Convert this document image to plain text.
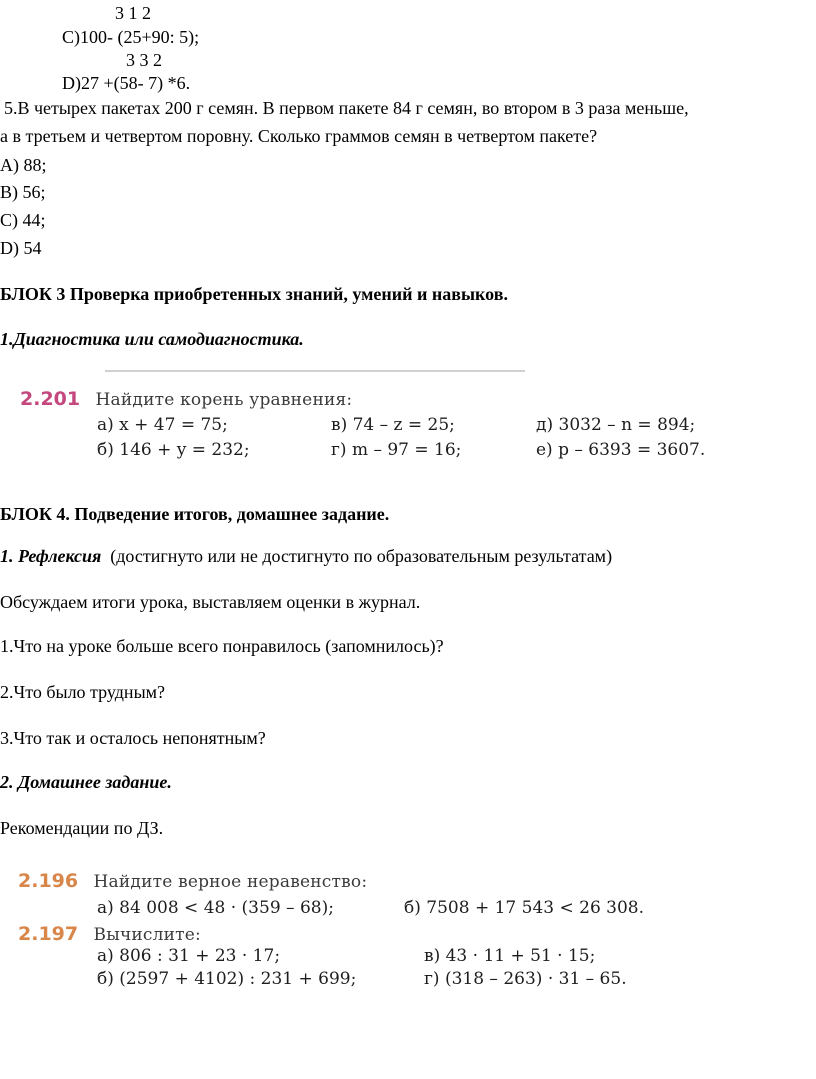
3 1 2
C)100- (25+90: 5);
3 3 2
D)27 +(58- 7) *6.
5.В четырех пакетах 200 г семян. В первом пакете 84 г семян, во втором в 3 раза меньше,
а в третьем и четвертом поровну. Сколько граммов семян в четвертом пакете?
A) 88;
B) 56;
C) 44;
D) 54
БЛОК 3 Проверка приобретенных знаний, умений и навыков.
1.Диагностика или самодиагностика.
2.201 Найдите корень уравнения:
а) x + 47 = 75;	в) 74 – z = 25;	д) 3032 – n = 894;
б) 146 + y = 232;	г) m – 97 = 16;	е) p – 6393 = 3607.
БЛОК 4. Подведение итогов, домашнее задание.
1. Рефлексия (достигнуто или не достигнуто по образовательным результатам)
Обсуждаем итоги урока, выставляем оценки в журнал.
1.Что на уроке больше всего понравилось (запомнилось)?
2.Что было трудным?
3.Что так и осталось непонятным?
2. Домашнее задание.
Рекомендации по ДЗ.
2.196 Найдите верное неравенство:
а) 84 008 < 48 · (359 – 68);	б) 7508 + 17 543 < 26 308.
2.197 Вычислите:
а) 806 : 31 + 23 · 17;	в) 43 · 11 + 51 · 15;
б) (2597 + 4102) : 231 + 699;	г) (318 – 263) · 31 – 65.
